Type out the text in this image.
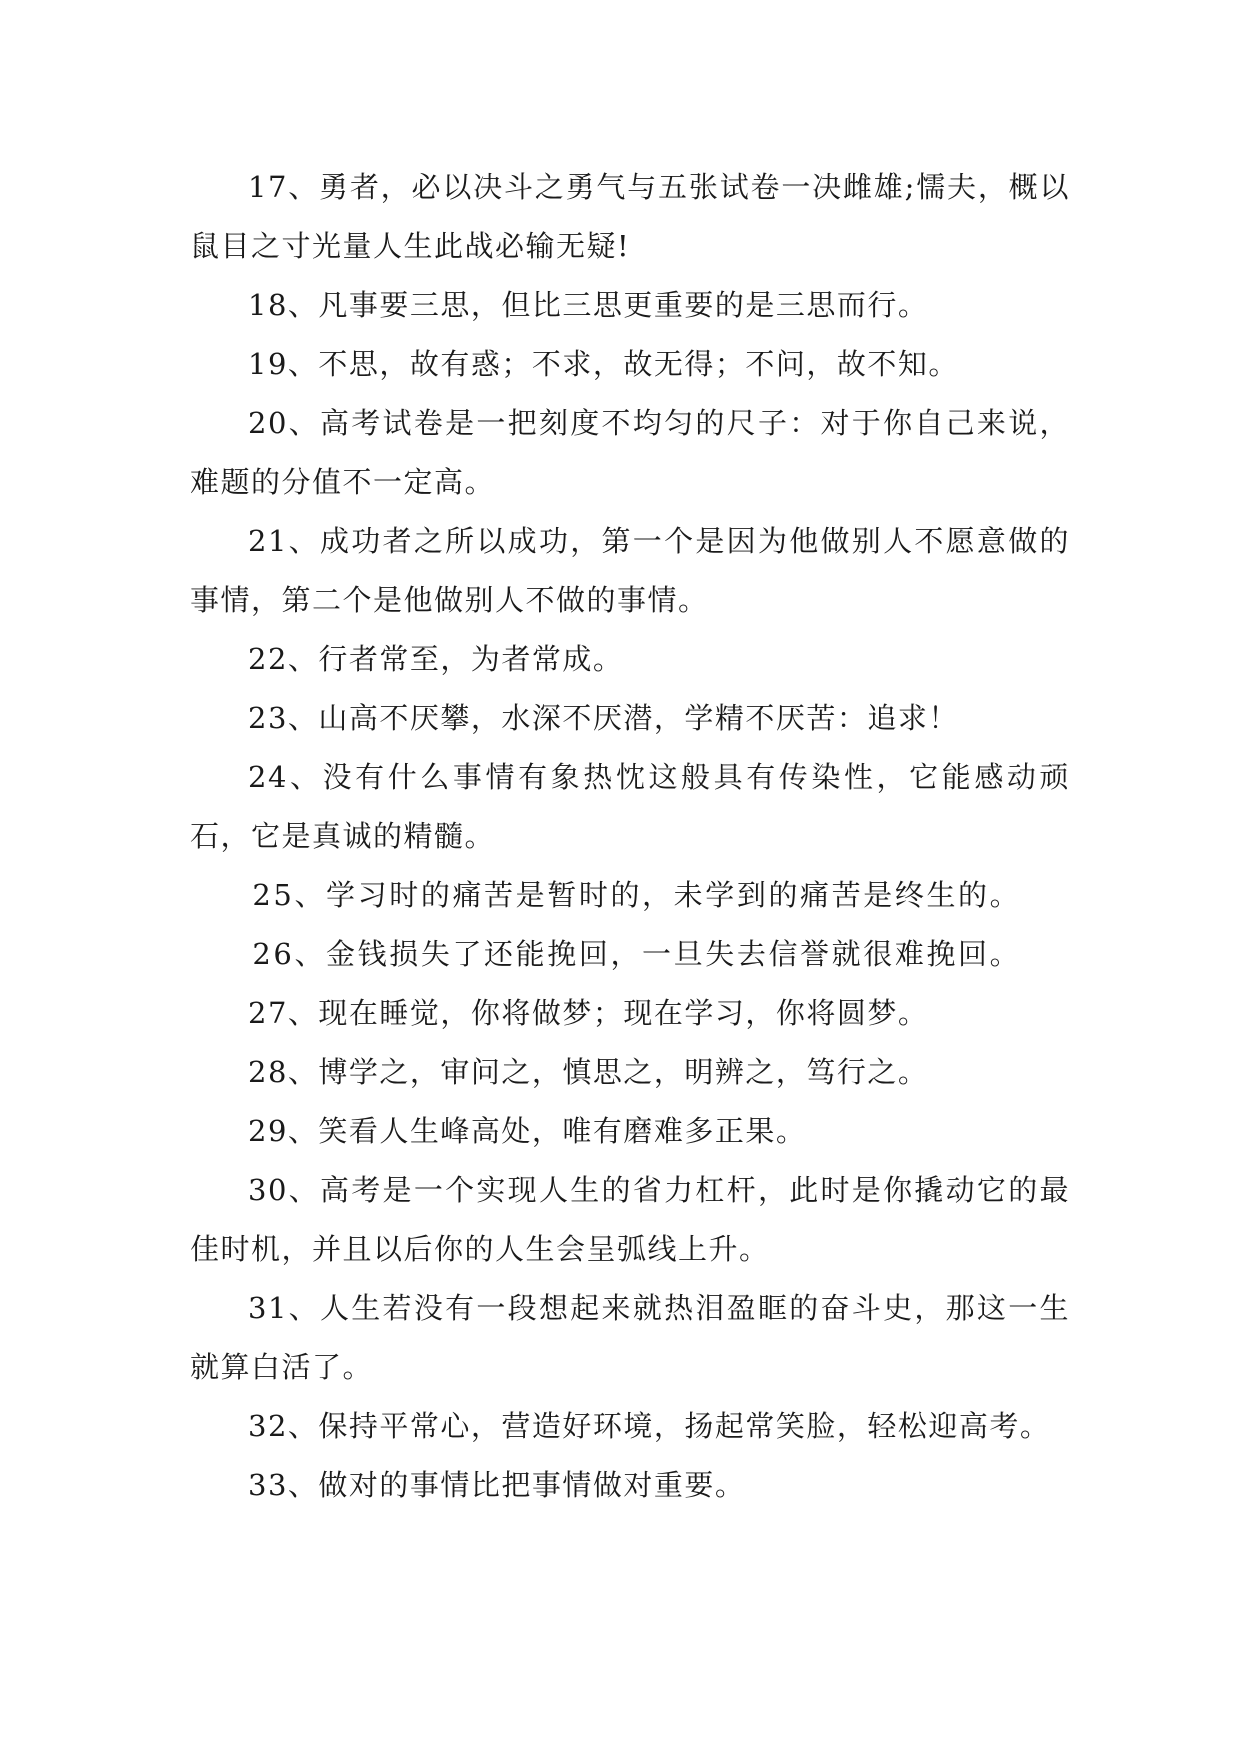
17、勇者，必以决斗之勇气与五张试卷一决雌雄;懦夫，概以鼠目之寸光量人生此战必输无疑!

18、凡事要三思，但比三思更重要的是三思而行。

19、不思，故有惑；不求，故无得；不问，故不知。

20、高考试卷是一把刻度不均匀的尺子：对于你自己来说，难题的分值不一定高。

21、成功者之所以成功，第一个是因为他做别人不愿意做的事情，第二个是他做别人不做的事情。

22、行者常至，为者常成。

23、山高不厌攀，水深不厌潜，学精不厌苦：追求！

24、没有什么事情有象热忱这般具有传染性，它能感动顽石，它是真诚的精髓。

25、学习时的痛苦是暂时的，未学到的痛苦是终生的。

26、金钱损失了还能挽回，一旦失去信誉就很难挽回。

27、现在睡觉，你将做梦；现在学习，你将圆梦。

28、博学之，审问之，慎思之，明辨之，笃行之。

29、笑看人生峰高处，唯有磨难多正果。

30、高考是一个实现人生的省力杠杆，此时是你撬动它的最佳时机，并且以后你的人生会呈弧线上升。

31、人生若没有一段想起来就热泪盈眶的奋斗史，那这一生就算白活了。

32、保持平常心，营造好环境，扬起常笑脸，轻松迎高考。

33、做对的事情比把事情做对重要。
